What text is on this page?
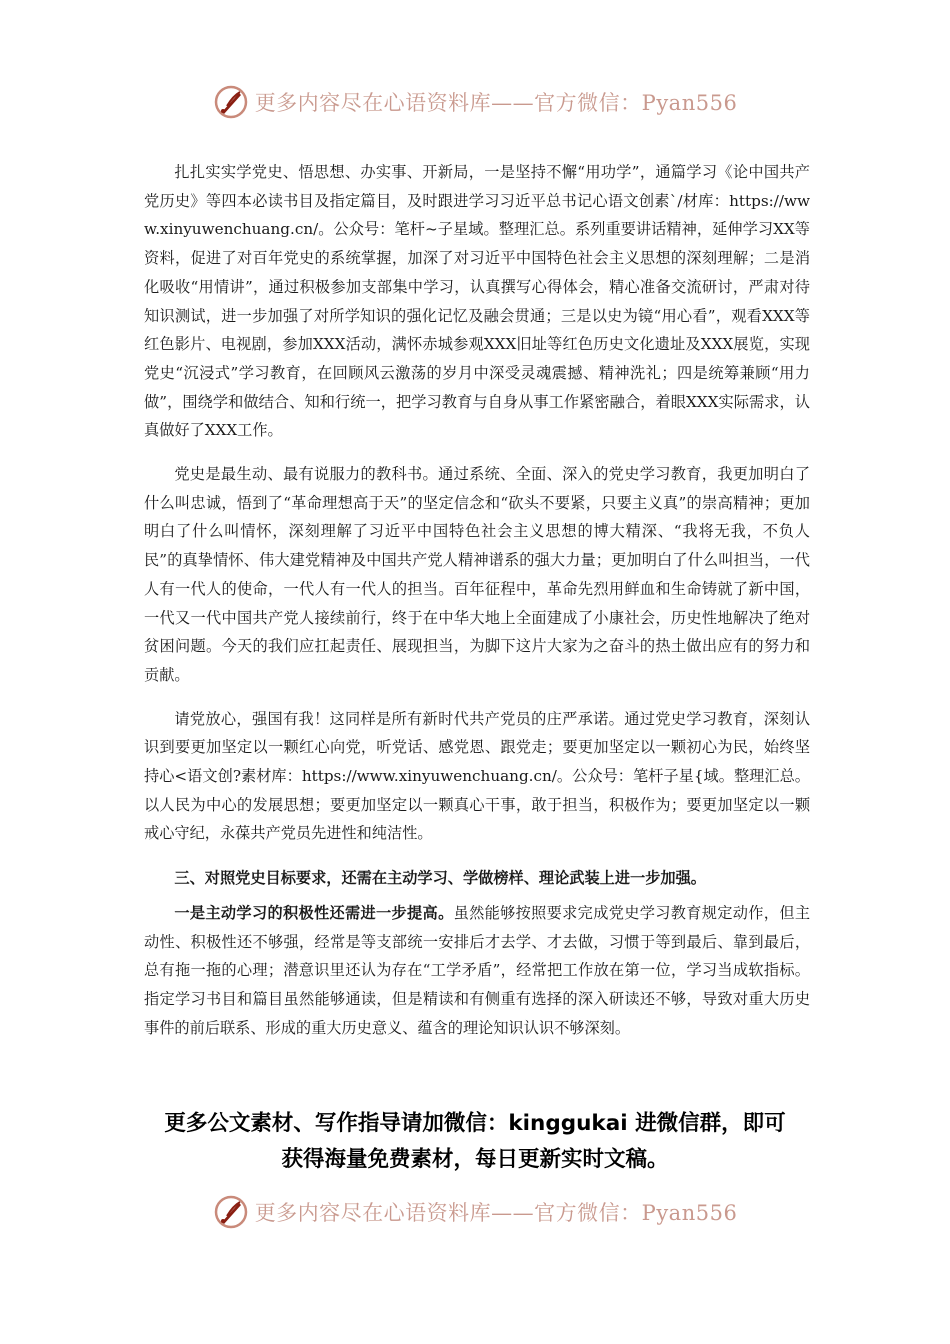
更多内容尽在心语资料库——官方微信：Pyan556

扎扎实实学党史、悟思想、办实事、开新局，一是坚持不懈“用功学”，通篇学习《论中国共产党历史》等四本必读书目及指定篇目，及时跟进学习习近平总书记心语文创素`/材库：https://www.xinyuwenchuang.cn/。公众号：笔杆~子星域。整理汇总。系列重要讲话精神，延伸学习XX等资料，促进了对百年党史的系统掌握，加深了对习近平中国特色社会主义思想的深刻理解；二是消化吸收“用情讲”，通过积极参加支部集中学习，认真撰写心得体会，精心准备交流研讨，严肃对待知识测试，进一步加强了对所学知识的强化记忆及融会贯通；三是以史为镜“用心看”，观看XXX等红色影片、电视剧，参加XXX活动，满怀赤城参观XXX旧址等红色历史文化遗址及XXX展览，实现党史“沉浸式”学习教育，在回顾风云激荡的岁月中深受灵魂震撼、精神洗礼；四是统筹兼顾“用力做”，围绕学和做结合、知和行统一，把学习教育与自身从事工作紧密融合，着眼XXX实际需求，认真做好了XXX工作。

党史是最生动、最有说服力的教科书。通过系统、全面、深入的党史学习教育，我更加明白了什么叫忠诚，悟到了“革命理想高于天”的坚定信念和“砍头不要紧，只要主义真”的崇高精神；更加明白了什么叫情怀，深刻理解了习近平中国特色社会主义思想的博大精深、“我将无我，不负人民”的真挚情怀、伟大建党精神及中国共产党人精神谱系的强大力量；更加明白了什么叫担当，一代人有一代人的使命，一代人有一代人的担当。百年征程中，革命先烈用鲜血和生命铸就了新中国，一代又一代中国共产党人接续前行，终于在中华大地上全面建成了小康社会，历史性地解决了绝对贫困问题。今天的我们应扛起责任、展现担当，为脚下这片大家为之奋斗的热土做出应有的努力和贡献。

请党放心，强国有我！这同样是所有新时代共产党员的庄严承诺。通过党史学习教育，深刻认识到要更加坚定以一颗红心向党，听党话、感党恩、跟党走；要更加坚定以一颗初心为民，始终坚持心<语文创?素材库：https://www.xinyuwenchuang.cn/。公众号：笔杆子星{域。整理汇总。以人民为中心的发展思想；要更加坚定以一颗真心干事，敢于担当，积极作为；要更加坚定以一颗戒心守纪，永葆共产党员先进性和纯洁性。

三、对照党史目标要求，还需在主动学习、学做榜样、理论武装上进一步加强。

一是主动学习的积极性还需进一步提高。虽然能够按照要求完成党史学习教育规定动作，但主动性、积极性还不够强，经常是等支部统一安排后才去学、才去做，习惯于等到最后、靠到最后，总有拖一拖的心理；潜意识里还认为存在“工学矛盾”，经常把工作放在第一位，学习当成软指标。指定学习书目和篇目虽然能够通读，但是精读和有侧重有选择的深入研读还不够，导致对重大历史事件的前后联系、形成的重大历史意义、蕴含的理论知识认识不够深刻。

更多公文素材、写作指导请加微信：kinggukai 进微信群，即可
获得海量免费素材，每日更新实时文稿。
更多内容尽在心语资料库——官方微信：Pyan556
